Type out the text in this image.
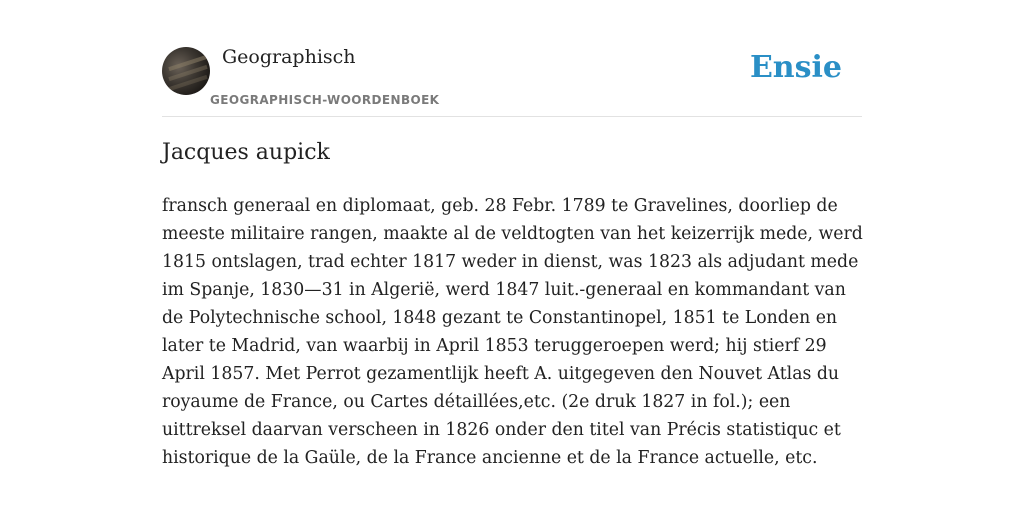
Geographisch
GEOGRAPHISCH-WOORDENBOEK
Ensie
Jacques aupick

fransch generaal en diplomaat, geb. 28 Febr. 1789 te Gravelines, doorliep de meeste militaire rangen, maakte al de veldtogten van het keizerrijk mede, werd 1815 ontslagen, trad echter 1817 weder in dienst, was 1823 als adjudant mede im Spanje, 1830—31 in Algerië, werd 1847 luit.-generaal en kommandant van de Polytechnische school, 1848 gezant te Constantinopel, 1851 te Londen en later te Madrid, van waarbij in April 1853 teruggeroepen werd; hij stierf 29 April 1857. Met Perrot gezamentlijk heeft A. uitgegeven den Nouvet Atlas du royaume de France, ou Cartes détaillées,etc. (2e druk 1827 in fol.); een uittreksel daarvan verscheen in 1826 onder den titel van Précis statistiquc et historique de la Gaüle, de la France ancienne et de la France actuelle, etc.
